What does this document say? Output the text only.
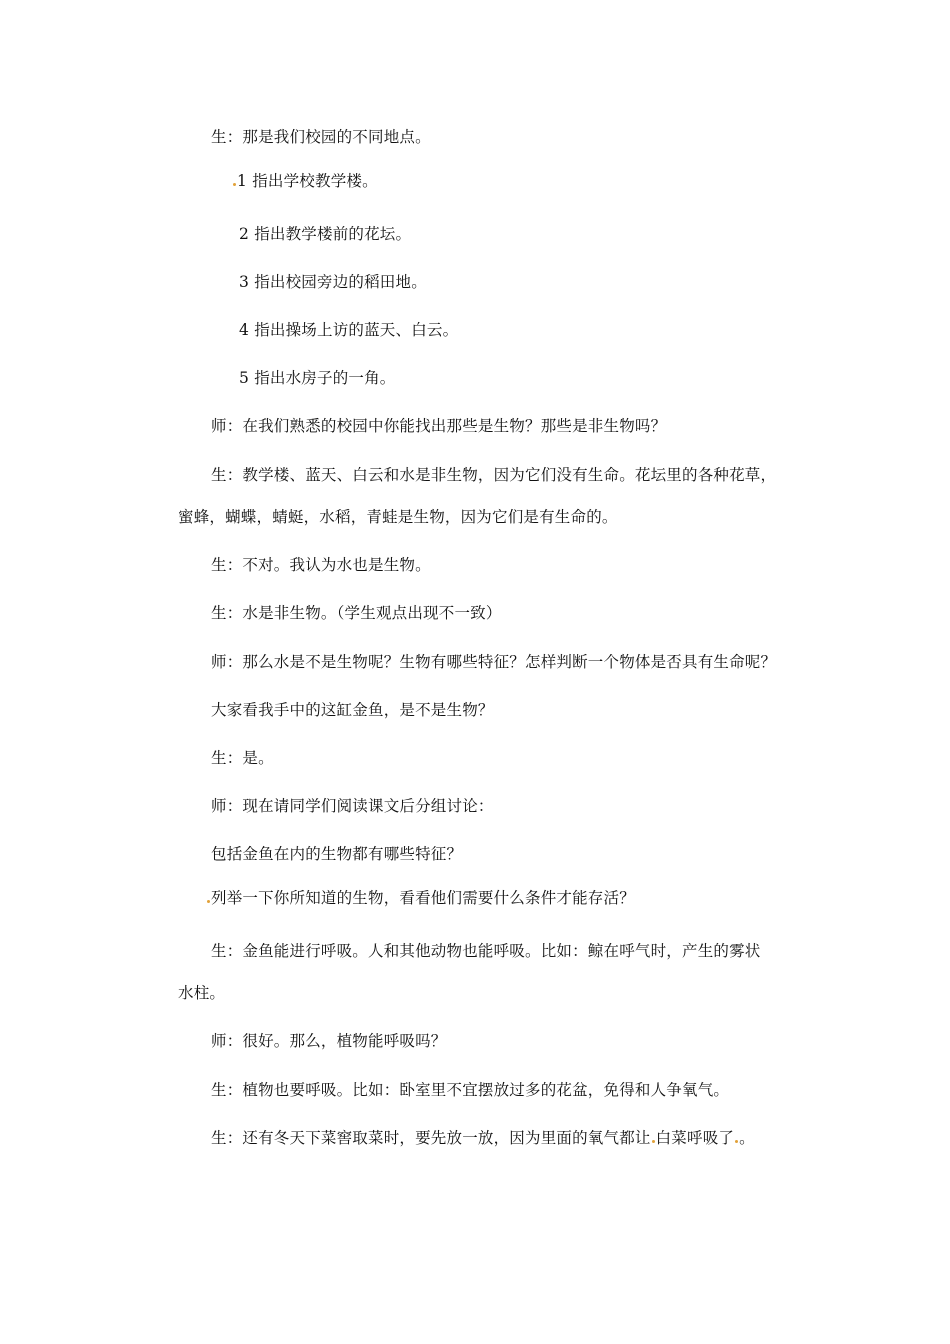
生：那是我们校园的不同地点。
1 指出学校教学楼。
2 指出教学楼前的花坛。
3 指出校园旁边的稻田地。
4 指出操场上访的蓝天、白云。
5 指出水房子的一角。
师：在我们熟悉的校园中你能找出那些是生物？那些是非生物吗？
生：教学楼、蓝天、白云和水是非生物，因为它们没有生命。花坛里的各种花草，
蜜蜂，蝴蝶，蜻蜓，水稻，青蛙是生物，因为它们是有生命的。
生：不对。我认为水也是生物。
生：水是非生物。（学生观点出现不一致）
师：那么水是不是生物呢？生物有哪些特征？怎样判断一个物体是否具有生命呢？
大家看我手中的这缸金鱼，是不是生物？
生：是。
师：现在请同学们阅读课文后分组讨论：
包括金鱼在内的生物都有哪些特征？
列举一下你所知道的生物，看看他们需要什么条件才能存活？
生：金鱼能进行呼吸。人和其他动物也能呼吸。比如：鲸在呼气时，产生的雾状
水柱。
师：很好。那么，植物能呼吸吗？
生：植物也要呼吸。比如：卧室里不宜摆放过多的花盆，免得和人争氧气。
生：还有冬天下菜窖取菜时，要先放一放，因为里面的氧气都让 白菜呼吸了 。
